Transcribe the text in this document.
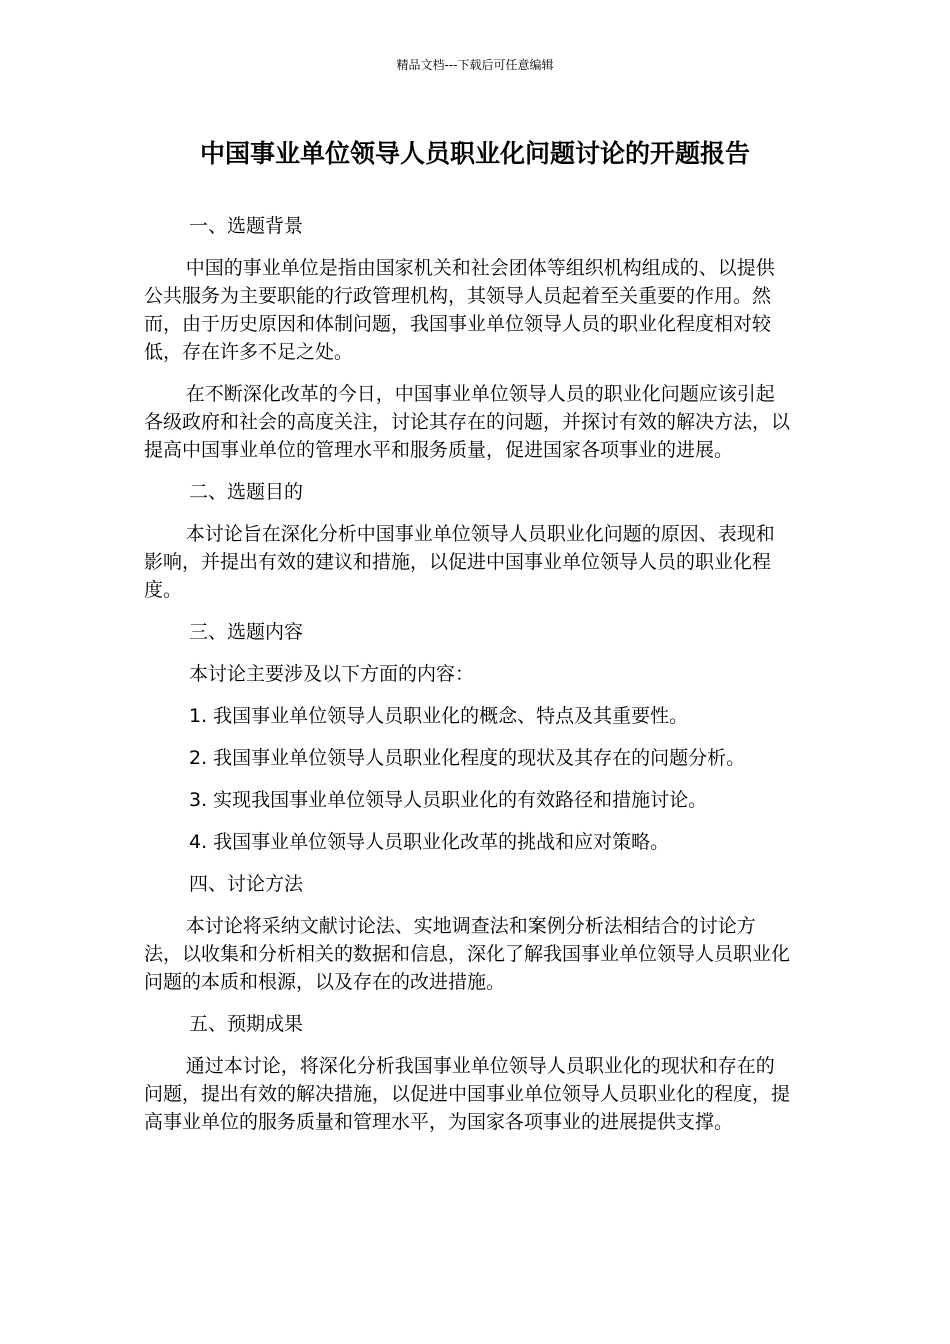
精品文档---下载后可任意编辑
中国事业单位领导人员职业化问题讨论的开题报告

一、选题背景

中国的事业单位是指由国家机关和社会团体等组织机构组成的、以提供公共服务为主要职能的行政管理机构，其领导人员起着至关重要的作用。然而，由于历史原因和体制问题，我国事业单位领导人员的职业化程度相对较低，存在许多不足之处。

在不断深化改革的今日，中国事业单位领导人员的职业化问题应该引起各级政府和社会的高度关注，讨论其存在的问题，并探讨有效的解决方法，以提高中国事业单位的管理水平和服务质量，促进国家各项事业的进展。

二、选题目的

本讨论旨在深化分析中国事业单位领导人员职业化问题的原因、表现和影响，并提出有效的建议和措施，以促进中国事业单位领导人员的职业化程度。

三、选题内容

本讨论主要涉及以下方面的内容：

1. 我国事业单位领导人员职业化的概念、特点及其重要性。

2. 我国事业单位领导人员职业化程度的现状及其存在的问题分析。

3. 实现我国事业单位领导人员职业化的有效路径和措施讨论。

4. 我国事业单位领导人员职业化改革的挑战和应对策略。

四、讨论方法

本讨论将采纳文献讨论法、实地调查法和案例分析法相结合的讨论方法，以收集和分析相关的数据和信息，深化了解我国事业单位领导人员职业化问题的本质和根源，以及存在的改进措施。

五、预期成果

通过本讨论，将深化分析我国事业单位领导人员职业化的现状和存在的问题，提出有效的解决措施，以促进中国事业单位领导人员职业化的程度，提高事业单位的服务质量和管理水平，为国家各项事业的进展提供支撑。
